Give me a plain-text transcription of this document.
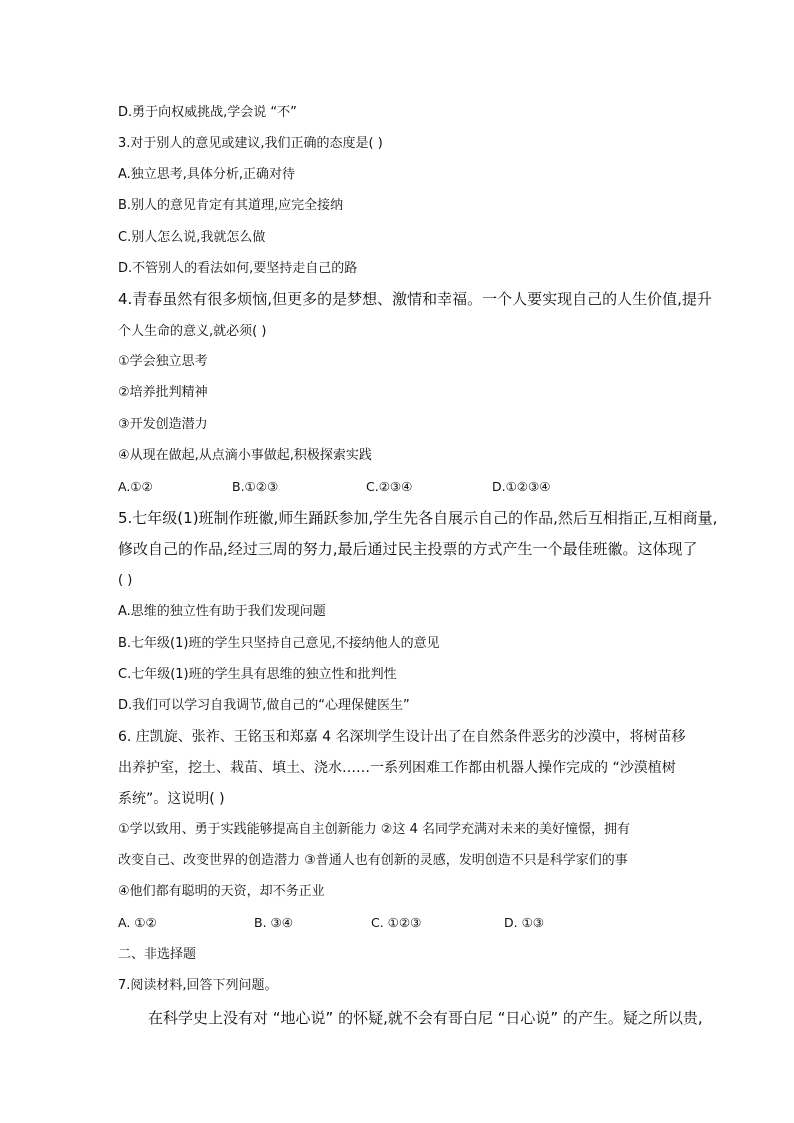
D.勇于向权威挑战,学会说 “不”
3.对于别人的意见或建议,我们正确的态度是( )
A.独立思考,具体分析,正确对待
B.别人的意见肯定有其道理,应完全接纳
C.别人怎么说,我就怎么做
D.不管别人的看法如何,要坚持走自己的路
4.青春虽然有很多烦恼,但更多的是梦想、激情和幸福。一个人要实现自己的人生价值,提升
个人生命的意义,就必须( )
①学会独立思考
②培养批判精神
③开发创造潜力
④从现在做起,从点滴小事做起,积极探索实践
A.①②	B.①②③	C.②③④	D.①②③④
5.七年级(1)班制作班徽,师生踊跃参加,学生先各自展示自己的作品,然后互相指正,互相商量,
修改自己的作品,经过三周的努力,最后通过民主投票的方式产生一个最佳班徽。这体现了
( )
A.思维的独立性有助于我们发现问题
B.七年级(1)班的学生只坚持自己意见,不接纳他人的意见
C.七年级(1)班的学生具有思维的独立性和批判性
D.我们可以学习自我调节,做自己的“心理保健医生”
6. 庄凯旋、张祚、王铭玉和郑嘉 4 名深圳学生设计出了在自然条件恶劣的沙漠中，将树苗移
出养护室，挖土、栽苗、填土、浇水……一系列困难工作都由机器人操作完成的 “沙漠植树
系统”。这说明( )
①学以致用、勇于实践能够提高自主创新能力 ②这 4 名同学充满对未来的美好憧憬，拥有
改变自己、改变世界的创造潜力 ③普通人也有创新的灵感，发明创造不只是科学家们的事
④他们都有聪明的天资，却不务正业
A. ①②	B. ③④	C. ①②③	D. ①③
二、非选择题
7.阅读材料,回答下列问题。
在科学史上没有对 “地心说” 的怀疑,就不会有哥白尼 “日心说” 的产生。疑之所以贵,
